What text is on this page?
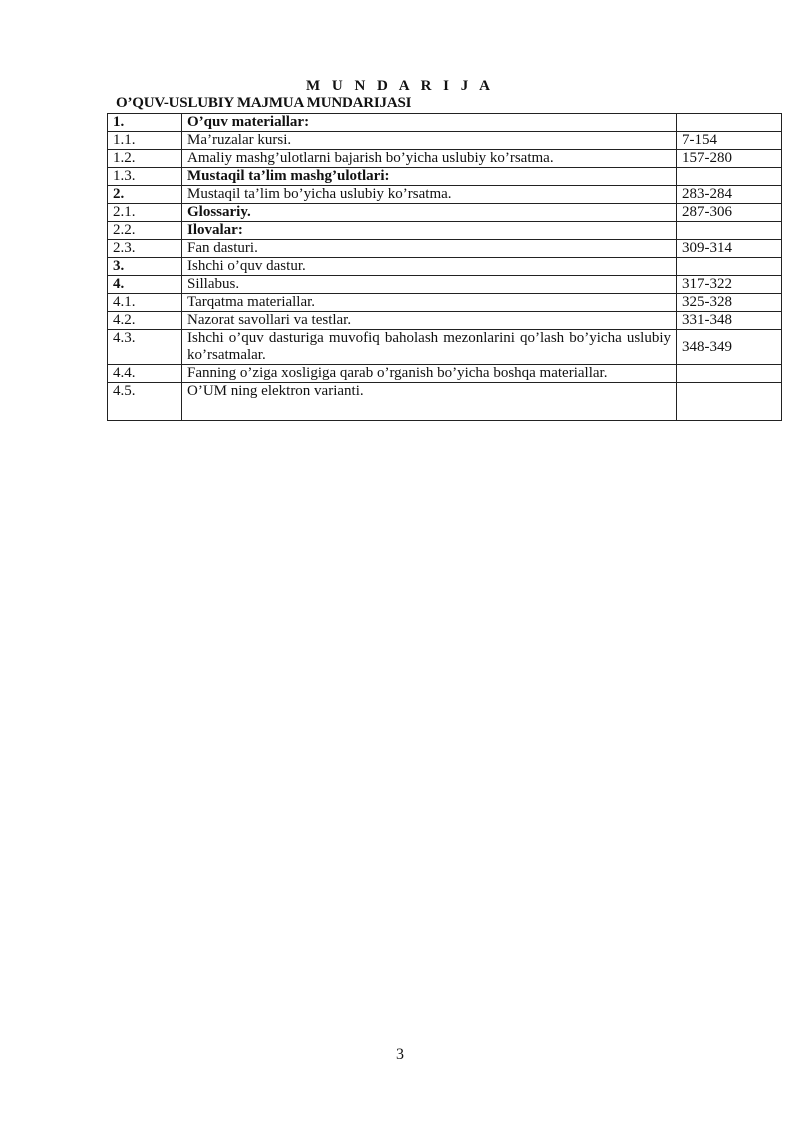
M U N D A R I J A
O’QUV-USLUBIY MAJMUA MUNDARIJASI
1.	O’quv materiallar:	
1.1.	Ma’ruzalar kursi.	7-154
1.2.	Amaliy mashg’ulotlarni bajarish bo’yicha uslubiy ko’rsatma.	157-280
1.3.	Mustaqil ta’lim mashg’ulotlari:	
2.	Mustaqil ta’lim bo’yicha uslubiy ko’rsatma.	283-284
2.1.	Glossariy.	287-306
2.2.	Ilovalar:	
2.3.	Fan dasturi.	309-314
3.	Ishchi o’quv dastur.	
4.	Sillabus.	317-322
4.1.	Tarqatma materiallar.	325-328
4.2.	Nazorat savollari va testlar.	331-348
4.3.	Ishchi o’quv dasturiga muvofiq baholash mezonlarini qo’lash bo’yicha uslubiy ko’rsatmalar.	348-349
4.4.	Fanning o’ziga xosligiga qarab o’rganish bo’yicha boshqa materiallar.	
4.5.	O’UM ning elektron varianti.	
3
